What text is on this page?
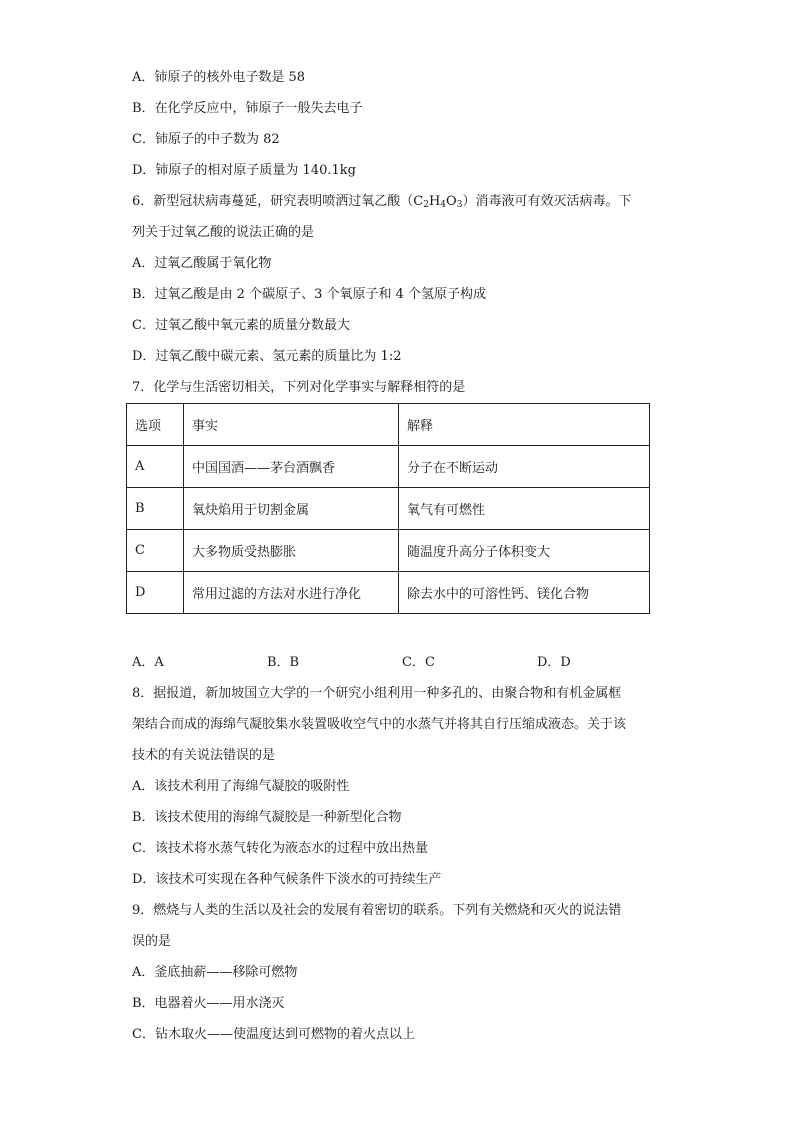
A．铈原子的核外电子数是 58
B．在化学反应中，铈原子一般失去电子
C．铈原子的中子数为 82
D．铈原子的相对原子质量为 140.1kg
6．新型冠状病毒蔓延，研究表明喷洒过氧乙酸$(C_2H_4O_3)$消毒液可有效灭活病毒。下
列关于过氧乙酸的说法正确的是
A．过氧乙酸属于氧化物
B．过氧乙酸是由 2 个碳原子、3 个氧原子和 4 个氢原子构成
C．过氧乙酸中氧元素的质量分数最大
D．过氧乙酸中碳元素、氢元素的质量比为 1:2
7．化学与生活密切相关，下列对化学事实与解释相符的是
选项	事实	解释
A	中国国酒——茅台酒飘香	分子在不断运动
B	氧炔焰用于切割金属	氧气有可燃性
C	大多物质受热膨胀	随温度升高分子体积变大
D	常用过滤的方法对水进行净化	除去水中的可溶性钙、镁化合物
A．A	B．B	C．C	D．D
8．据报道，新加坡国立大学的一个研究小组利用一种多孔的、由聚合物和有机金属框
架结合而成的海绵气凝胶集水装置吸收空气中的水蒸气并将其自行压缩成液态。关于该
技术的有关说法错误的是
A．该技术利用了海绵气凝胶的吸附性
B．该技术使用的海绵气凝胶是一种新型化合物
C．该技术将水蒸气转化为液态水的过程中放出热量
D．该技术可实现在各种气候条件下淡水的可持续生产
9．燃烧与人类的生活以及社会的发展有着密切的联系。下列有关燃烧和灭火的说法错
误的是
A．釜底抽薪——移除可燃物
B．电器着火——用水浇灭
C．钻木取火——使温度达到可燃物的着火点以上
